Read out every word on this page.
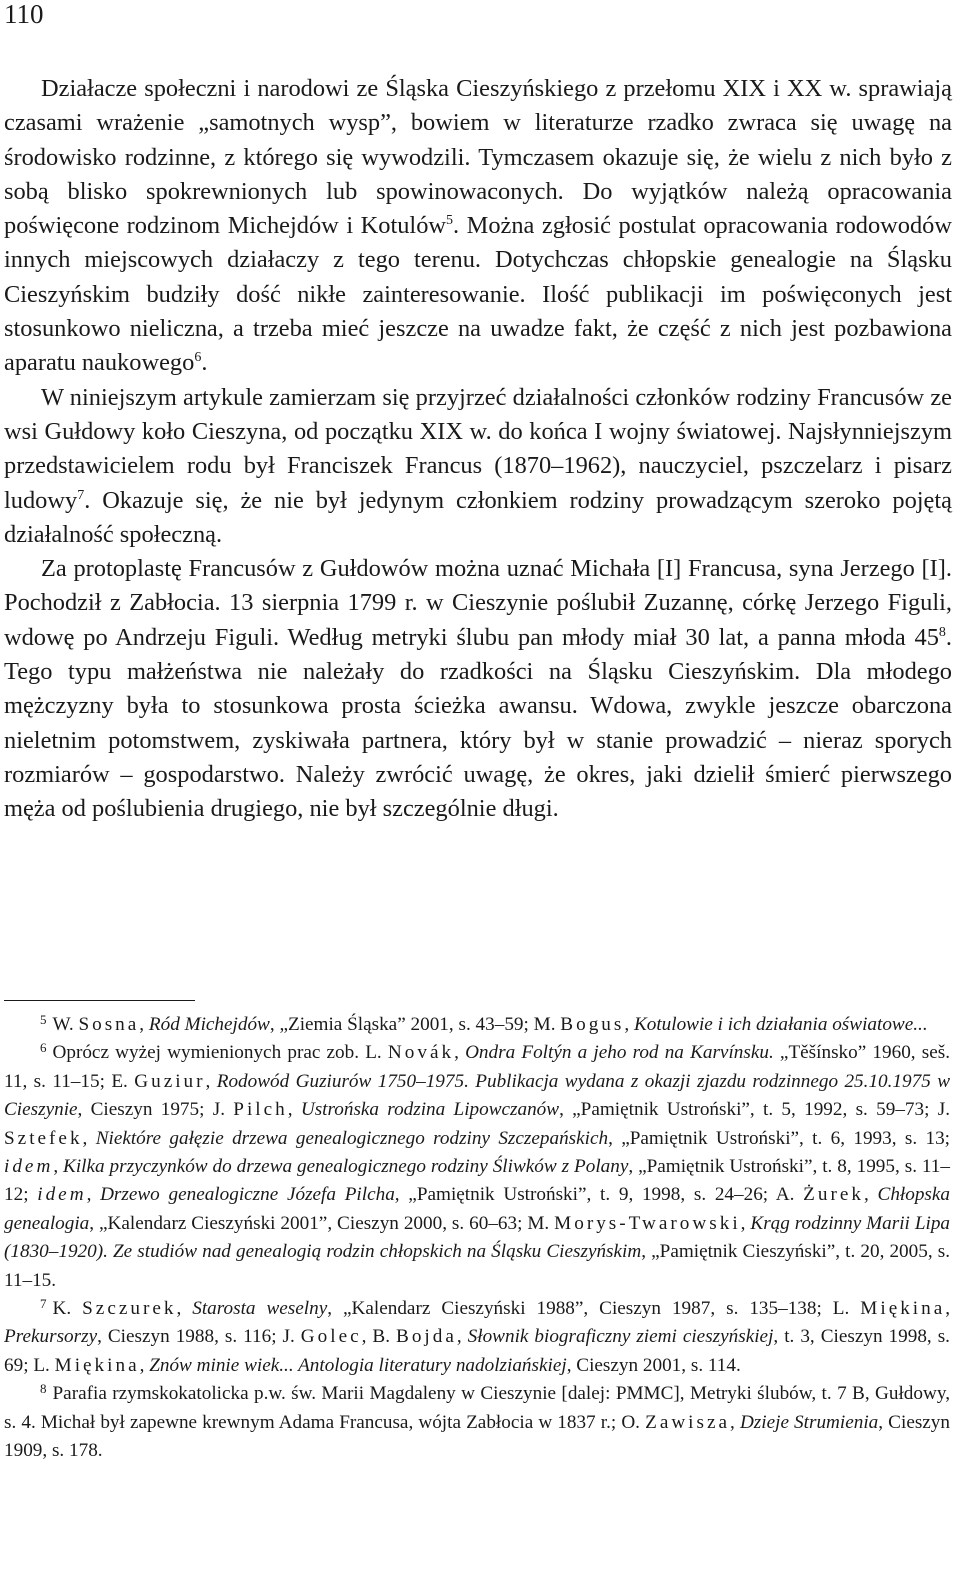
110

Działacze społeczni i narodowi ze Śląska Cieszyńskiego z przełomu XIX i XX w. sprawiają czasami wrażenie „samotnych wysp”, bowiem w literaturze rzadko zwraca się uwagę na środowisko rodzinne, z którego się wywodzili. Tymczasem okazuje się, że wielu z nich było z sobą blisko spokrewnionych lub spowinowaconych. Do wyjątków należą opracowania poświęcone rodzinom Michejdów i Kotulów$^5$. Można zgłosić postulat opracowania rodowodów innych miejscowych działaczy z tego terenu. Dotychczas chłopskie genealogie na Śląsku Cieszyńskim budziły dość nikłe zainteresowanie. Ilość publikacji im poświęconych jest stosunkowo nieliczna, a trzeba mieć jeszcze na uwadze fakt, że część z nich jest pozbawiona aparatu naukowego$^6$.

W niniejszym artykule zamierzam się przyjrzeć działalności członków rodziny Francusów ze wsi Gułdowy koło Cieszyna, od początku XIX w. do końca I wojny światowej. Najsłynniejszym przedstawicielem rodu był Franciszek Francus (1870–1962), nauczyciel, pszczelarz i pisarz ludowy$^7$. Okazuje się, że nie był jedynym członkiem rodziny prowadzącym szeroko pojętą działalność społeczną.

Za protoplastę Francusów z Gułdowów można uznać Michała [I] Francusa, syna Jerzego [I]. Pochodził z Zabłocia. 13 sierpnia 1799 r. w Cieszynie poślubił Zuzannę, córkę Jerzego Figuli, wdowę po Andrzeju Figuli. Według metryki ślubu pan młody miał 30 lat, a panna młoda $45^8$. Tego typu małżeństwa nie należały do rzadkości na Śląsku Cieszyńskim. Dla młodego mężczyzny była to stosunkowa prosta ścieżka awansu. Wdowa, zwykle jeszcze obarczona nieletnim potomstwem, zyskiwała partnera, który był w stanie prowadzić – nieraz sporych rozmiarów – gospodarstwo. Należy zwrócić uwagę, że okres, jaki dzielił śmierć pierwszego męża od poślubienia drugiego, nie był szczególnie długi.

$^5$ W. Sosna, Ród Michejdów, „Ziemia Śląska” 2001, s. 43–59; M. Bogus, Kotulowie i ich działania oświatowe...

$^6$ Oprócz wyżej wymienionych prac zob. L. Novák, Ondra Foltýn a jeho rod na Karvínsku. „Těšínsko” 1960, seš. 11, s. 11–15; E. Guziur, Rodowód Guziurów 1750–1975. Publikacja wydana z okazji zjazdu rodzinnego 25.10.1975 w Cieszynie, Cieszyn 1975; J. Pilch, Ustrońska rodzina Lipowczanów, „Pamiętnik Ustroński”, t. 5, 1992, s. 59–73; J. Sztefek, Niektóre gałęzie drzewa genealogicznego rodziny Szczepańskich, „Pamiętnik Ustroński”, t. 6, 1993, s. 13; idem, Kilka przyczynków do drzewa genealogicznego rodziny Śliwków z Polany, „Pamiętnik Ustroński”, t. 8, 1995, s. 11–12; idem, Drzewo genealogiczne Józefa Pilcha, „Pamiętnik Ustroński”, t. 9, 1998, s. 24–26; A. Żurek, Chłopska genealogia, „Kalendarz Cieszyński 2001”, Cieszyn 2000, s. 60–63; M. Morys-Twarowski, Krąg rodzinny Marii Lipa (1830–1920). Ze studiów nad genealogią rodzin chłopskich na Śląsku Cieszyńskim, „Pamiętnik Cieszyński”, t. 20, 2005, s. 11–15.

$^7$ K. Szczurek, Starosta weselny, „Kalendarz Cieszyński 1988”, Cieszyn 1987, s. 135–138; L. Miękina, Prekursorzy, Cieszyn 1988, s. 116; J. Golec, B. Bojda, Słownik biograficzny ziemi cieszyńskiej, t. 3, Cieszyn 1998, s. 69; L. Miękina, Znów minie wiek... Antologia literatury nadolziańskiej, Cieszyn 2001, s. 114.

$^8$ Parafia rzymskokatolicka p.w. św. Marii Magdaleny w Cieszynie [dalej: PMMC], Metryki ślubów, t. 7 B, Gułdowy, s. 4. Michał był zapewne krewnym Adama Francusa, wójta Zabłocia w 1837 r.; O. Zawisza, Dzieje Strumienia, Cieszyn 1909, s. 178.
